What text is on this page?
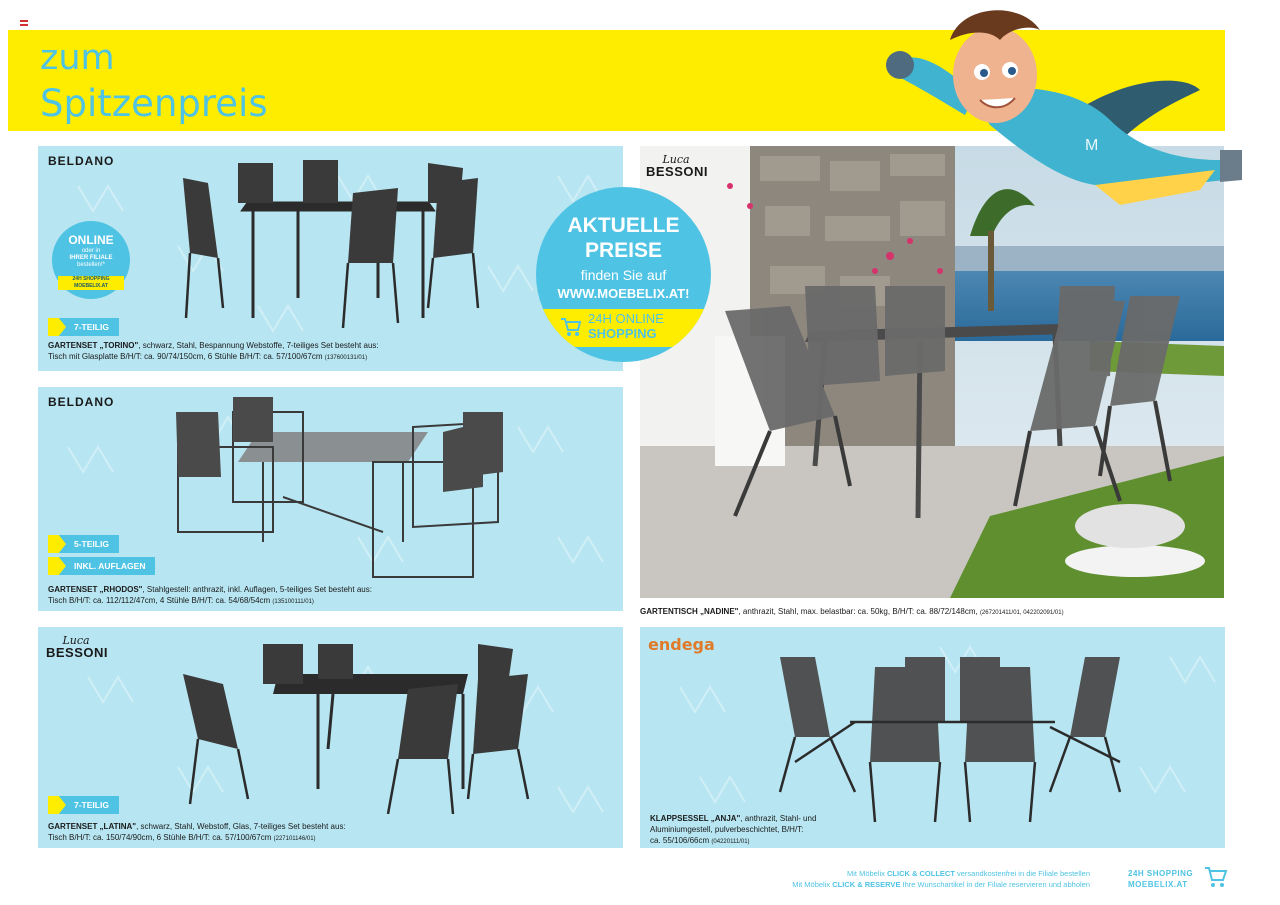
zum
Spitzenpreis
BELDANO
7-TEILIG
GARTENSET „TORINO", schwarz, Stahl, Bespannung Webstoffe, 7-teiliges Set besteht aus:
Tisch mit Glasplatte B/H/T: ca. 90/74/150cm, 6 Stühle B/H/T: ca. 57/100/67cm (137600131/01)
ONLINE
oder in
IHRER FILIALE
bestellen!*
24H SHOPPING
MOEBELIX.AT
BELDANO
5-TEILIG
INKL. AUFLAGEN
GARTENSET „RHODOS", Stahlgestell: anthrazit, inkl. Auflagen, 5-teiliges Set besteht aus:
Tisch B/H/T: ca. 112/112/47cm, 4 Stühle B/H/T: ca. 54/68/54cm (135100111/01)
Luca
BESSONI
7-TEILIG
GARTENSET „LATINA", schwarz, Stahl, Webstoff, Glas, 7-teiliges Set besteht aus:
Tisch B/H/T: ca. 150/74/90cm, 6 Stühle B/H/T: ca. 57/100/67cm (227101146/01)
Luca
BESSONI
GARTENTISCH „NADINE", anthrazit, Stahl, max. belastbar: ca. 50kg, B/H/T: ca. 88/72/148cm, (267201411/01, 042202091/01)
AKTUELLE
PREISE
finden Sie auf
WWW.MOEBELIX.AT!
24H ONLINE
SHOPPING
endega
KLAPPSESSEL „ANJA", anthrazit, Stahl- und
Aluminiumgestell, pulverbeschichtet, B/H/T:
ca. 55/106/66cm (04220111/01)
M
Mit Möbelix CLICK & COLLECT versandkostenfrei in die Filiale bestellen
Mit Möbelix CLICK & RESERVE Ihre Wunschartikel in der Filiale reservieren und abholen
24H SHOPPING
MOEBELIX.AT
